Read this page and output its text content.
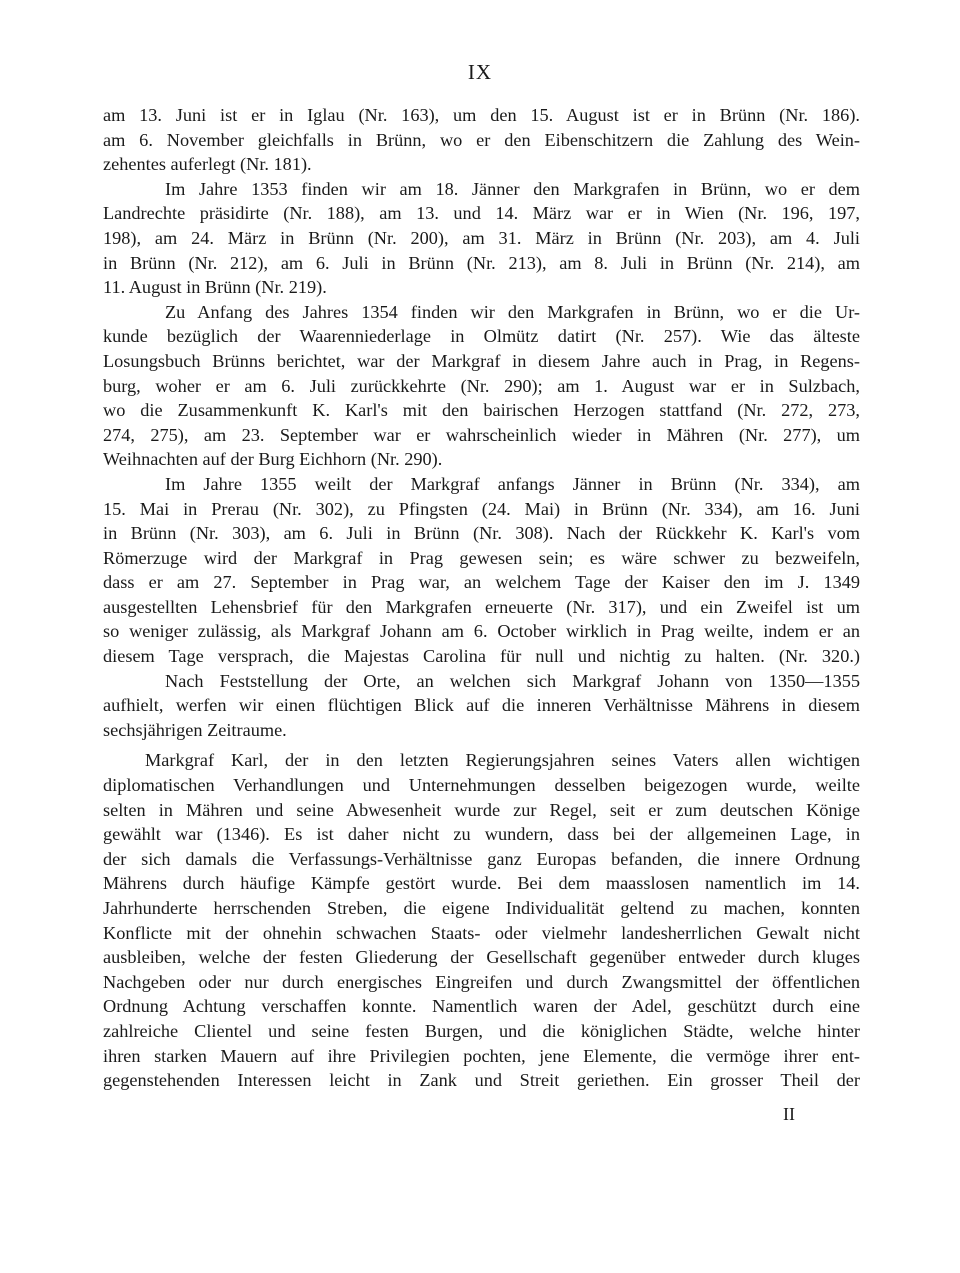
IX
am 13. Juni ist er in Iglau (Nr. 163), um den 15. August ist er in Brünn (Nr. 186).
am 6. November gleichfalls in Brünn, wo er den Eibenschitzern die Zahlung des Wein-
zehentes auferlegt (Nr. 181).
Im Jahre 1353 finden wir am 18. Jänner den Markgrafen in Brünn, wo er dem
Landrechte präsidirte (Nr. 188), am 13. und 14. März war er in Wien (Nr. 196, 197,
198), am 24. März in Brünn (Nr. 200), am 31. März in Brünn (Nr. 203), am 4. Juli
in Brünn (Nr. 212), am 6. Juli in Brünn (Nr. 213), am 8. Juli in Brünn (Nr. 214), am
11. August in Brünn (Nr. 219).
Zu Anfang des Jahres 1354 finden wir den Markgrafen in Brünn, wo er die Ur-
kunde bezüglich der Waarenniederlage in Olmütz datirt (Nr. 257). Wie das älteste
Losungsbuch Brünns berichtet, war der Markgraf in diesem Jahre auch in Prag, in Regens-
burg, woher er am 6. Juli zurückkehrte (Nr. 290); am 1. August war er in Sulzbach,
wo die Zusammenkunft K. Karl's mit den bairischen Herzogen stattfand (Nr. 272, 273,
274, 275), am 23. September war er wahrscheinlich wieder in Mähren (Nr. 277), um
Weihnachten auf der Burg Eichhorn (Nr. 290).
Im Jahre 1355 weilt der Markgraf anfangs Jänner in Brünn (Nr. 334), am
15. Mai in Prerau (Nr. 302), zu Pfingsten (24. Mai) in Brünn (Nr. 334), am 16. Juni
in Brünn (Nr. 303), am 6. Juli in Brünn (Nr. 308). Nach der Rückkehr K. Karl's vom
Römerzuge wird der Markgraf in Prag gewesen sein; es wäre schwer zu bezweifeln,
dass er am 27. September in Prag war, an welchem Tage der Kaiser den im J. 1349
ausgestellten Lehensbrief für den Markgrafen erneuerte (Nr. 317), und ein Zweifel ist um
so weniger zulässig, als Markgraf Johann am 6. October wirklich in Prag weilte, indem er an
diesem Tage versprach, die Majestas Carolina für null und nichtig zu halten. (Nr. 320.)
Nach Feststellung der Orte, an welchen sich Markgraf Johann von 1350—1355
aufhielt, werfen wir einen flüchtigen Blick auf die inneren Verhältnisse Mährens in diesem
sechsjährigen Zeitraume.
Markgraf Karl, der in den letzten Regierungsjahren seines Vaters allen wichtigen
diplomatischen Verhandlungen und Unternehmungen desselben beigezogen wurde, weilte
selten in Mähren und seine Abwesenheit wurde zur Regel, seit er zum deutschen Könige
gewählt war (1346). Es ist daher nicht zu wundern, dass bei der allgemeinen Lage, in
der sich damals die Verfassungs-Verhältnisse ganz Europas befanden, die innere Ordnung
Mährens durch häufige Kämpfe gestört wurde. Bei dem maasslosen namentlich im 14.
Jahrhunderte herrschenden Streben, die eigene Individualität geltend zu machen, konnten
Konflicte mit der ohnehin schwachen Staats- oder vielmehr landesherrlichen Gewalt nicht
ausbleiben, welche der festen Gliederung der Gesellschaft gegenüber entweder durch kluges
Nachgeben oder nur durch energisches Eingreifen und durch Zwangsmittel der öffentlichen
Ordnung Achtung verschaffen konnte. Namentlich waren der Adel, geschützt durch eine
zahlreiche Clientel und seine festen Burgen, und die königlichen Städte, welche hinter
ihren starken Mauern auf ihre Privilegien pochten, jene Elemente, die vermöge ihrer ent-
gegenstehenden Interessen leicht in Zank und Streit geriethen. Ein grosser Theil der
II
